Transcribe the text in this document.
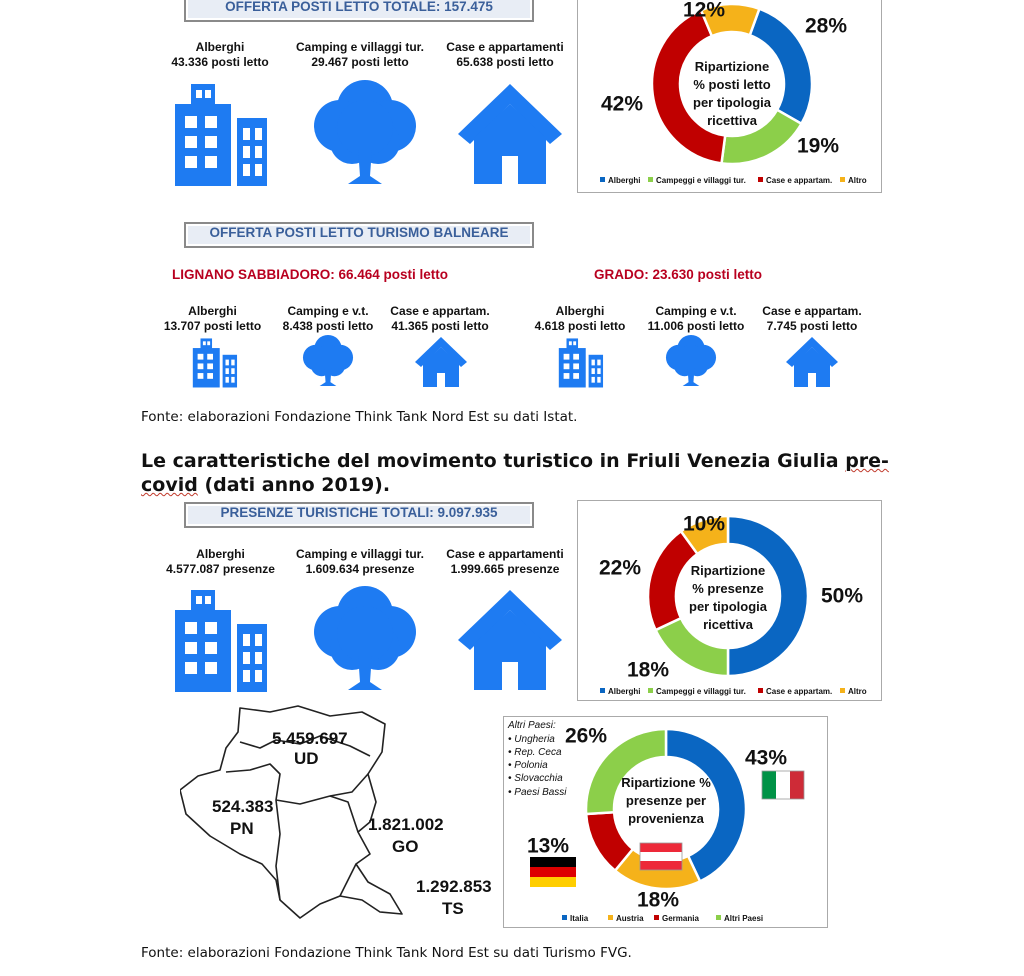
OFFERTA POSTI LETTO TOTALE: 157.475
Alberghi
43.336 posti letto
Camping e villaggi tur.
29.467 posti letto
Case e appartamenti
65.638 posti letto
28%
19%
42%
12%
Ripartizione
% posti letto
per tipologia
ricettiva
Alberghi Campeggi e villaggi tur.	Case e appartam. Altro
OFFERTA POSTI LETTO TURISMO BALNEARE
LIGNANO SABBIADORO: 66.464 posti letto	GRADO: 23.630 posti letto
Alberghi
13.707 posti letto
Camping e v.t.
8.438 posti letto
Case e appartam.
41.365 posti letto
Alberghi
4.618 posti letto
Camping e v.t.
11.006 posti letto
Case e appartam.
7.745 posti letto
Fonte: elaborazioni Fondazione Think Tank Nord Est su dati Istat.
Le caratteristiche del movimento turistico in Friuli Venezia Giulia pre-
covid (dati anno 2019).
PRESENZE TURISTICHE TOTALI: 9.097.935
Alberghi
4.577.087 presenze
Camping e villaggi tur.
1.609.634 presenze
Case e appartamenti
1.999.665 presenze
50%
18%
22%
10%
Ripartizione
% presenze
per tipologia
ricettiva
Alberghi Campeggi e villaggi tur.	Case e appartam. Altro
5.459.697
UD
524.383
PN	1.821.002
GO
1.292.853
TS
Altri Paesi:
• Ungheria
• Rep. Ceca
• Polonia
• Slovacchia
• Paesi Bassi
43%
18%
13%
26%
Ripartizione %
presenze per
provenienza
Italia	Austria Germania	Altri Paesi
Fonte: elaborazioni Fondazione Think Tank Nord Est su dati Turismo FVG.
